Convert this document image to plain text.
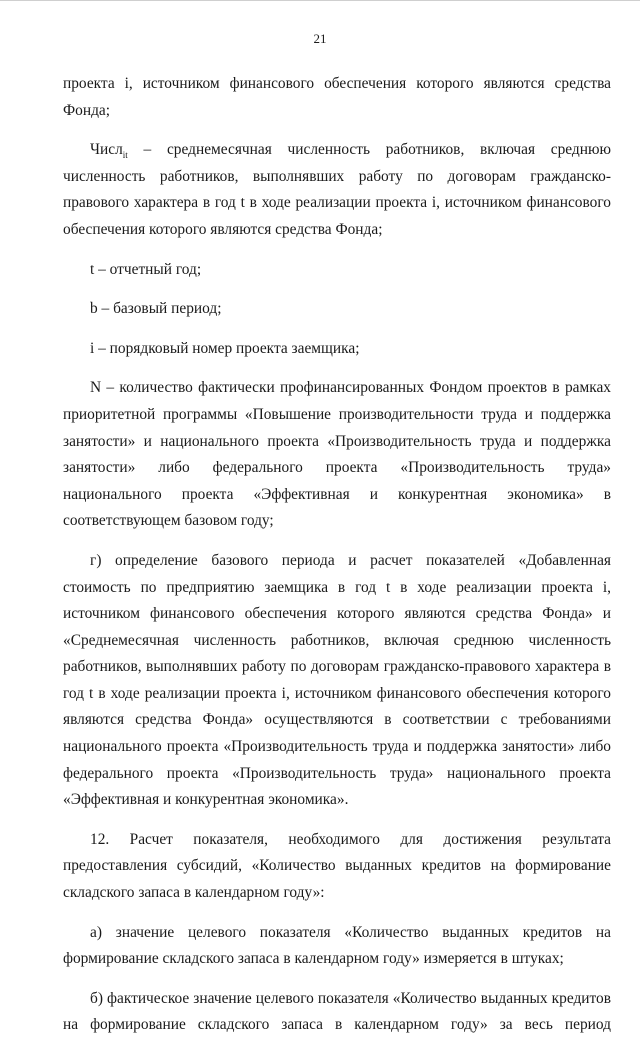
21

проекта i, источником финансового обеспечения которого являются средства Фонда;

Числ$_{it}$ – среднемесячная численность работников, включая среднюю численность работников, выполнявших работу по договорам гражданско-правового характера в год t в ходе реализации проекта i, источником финансового обеспечения которого являются средства Фонда;

t – отчетный год;

b – базовый период;

i – порядковый номер проекта заемщика;

N – количество фактически профинансированных Фондом проектов в рамках приоритетной программы «Повышение производительности труда и поддержка занятости» и национального проекта «Производительность труда и поддержка занятости» либо федерального проекта «Производительность труда» национального проекта «Эффективная и конкурентная экономика» в соответствующем базовом году;

г) определение базового периода и расчет показателей «Добавленная стоимость по предприятию заемщика в год t в ходе реализации проекта i, источником финансового обеспечения которого являются средства Фонда» и «Среднемесячная численность работников, включая среднюю численность работников, выполнявших работу по договорам гражданско-правового характера в год t в ходе реализации проекта i, источником финансового обеспечения которого являются средства Фонда» осуществляются в соответствии с требованиями национального проекта «Производительность труда и поддержка занятости» либо федерального проекта «Производительность труда» национального проекта «Эффективная и конкурентная экономика».

12. Расчет показателя, необходимого для достижения результата предоставления субсидий, «Количество выданных кредитов на формирование складского запаса в календарном году»:

а) значение целевого показателя «Количество выданных кредитов на формирование складского запаса в календарном году» измеряется в штуках;

б) фактическое значение целевого показателя «Количество выданных кредитов на формирование складского запаса в календарном году» за весь период
